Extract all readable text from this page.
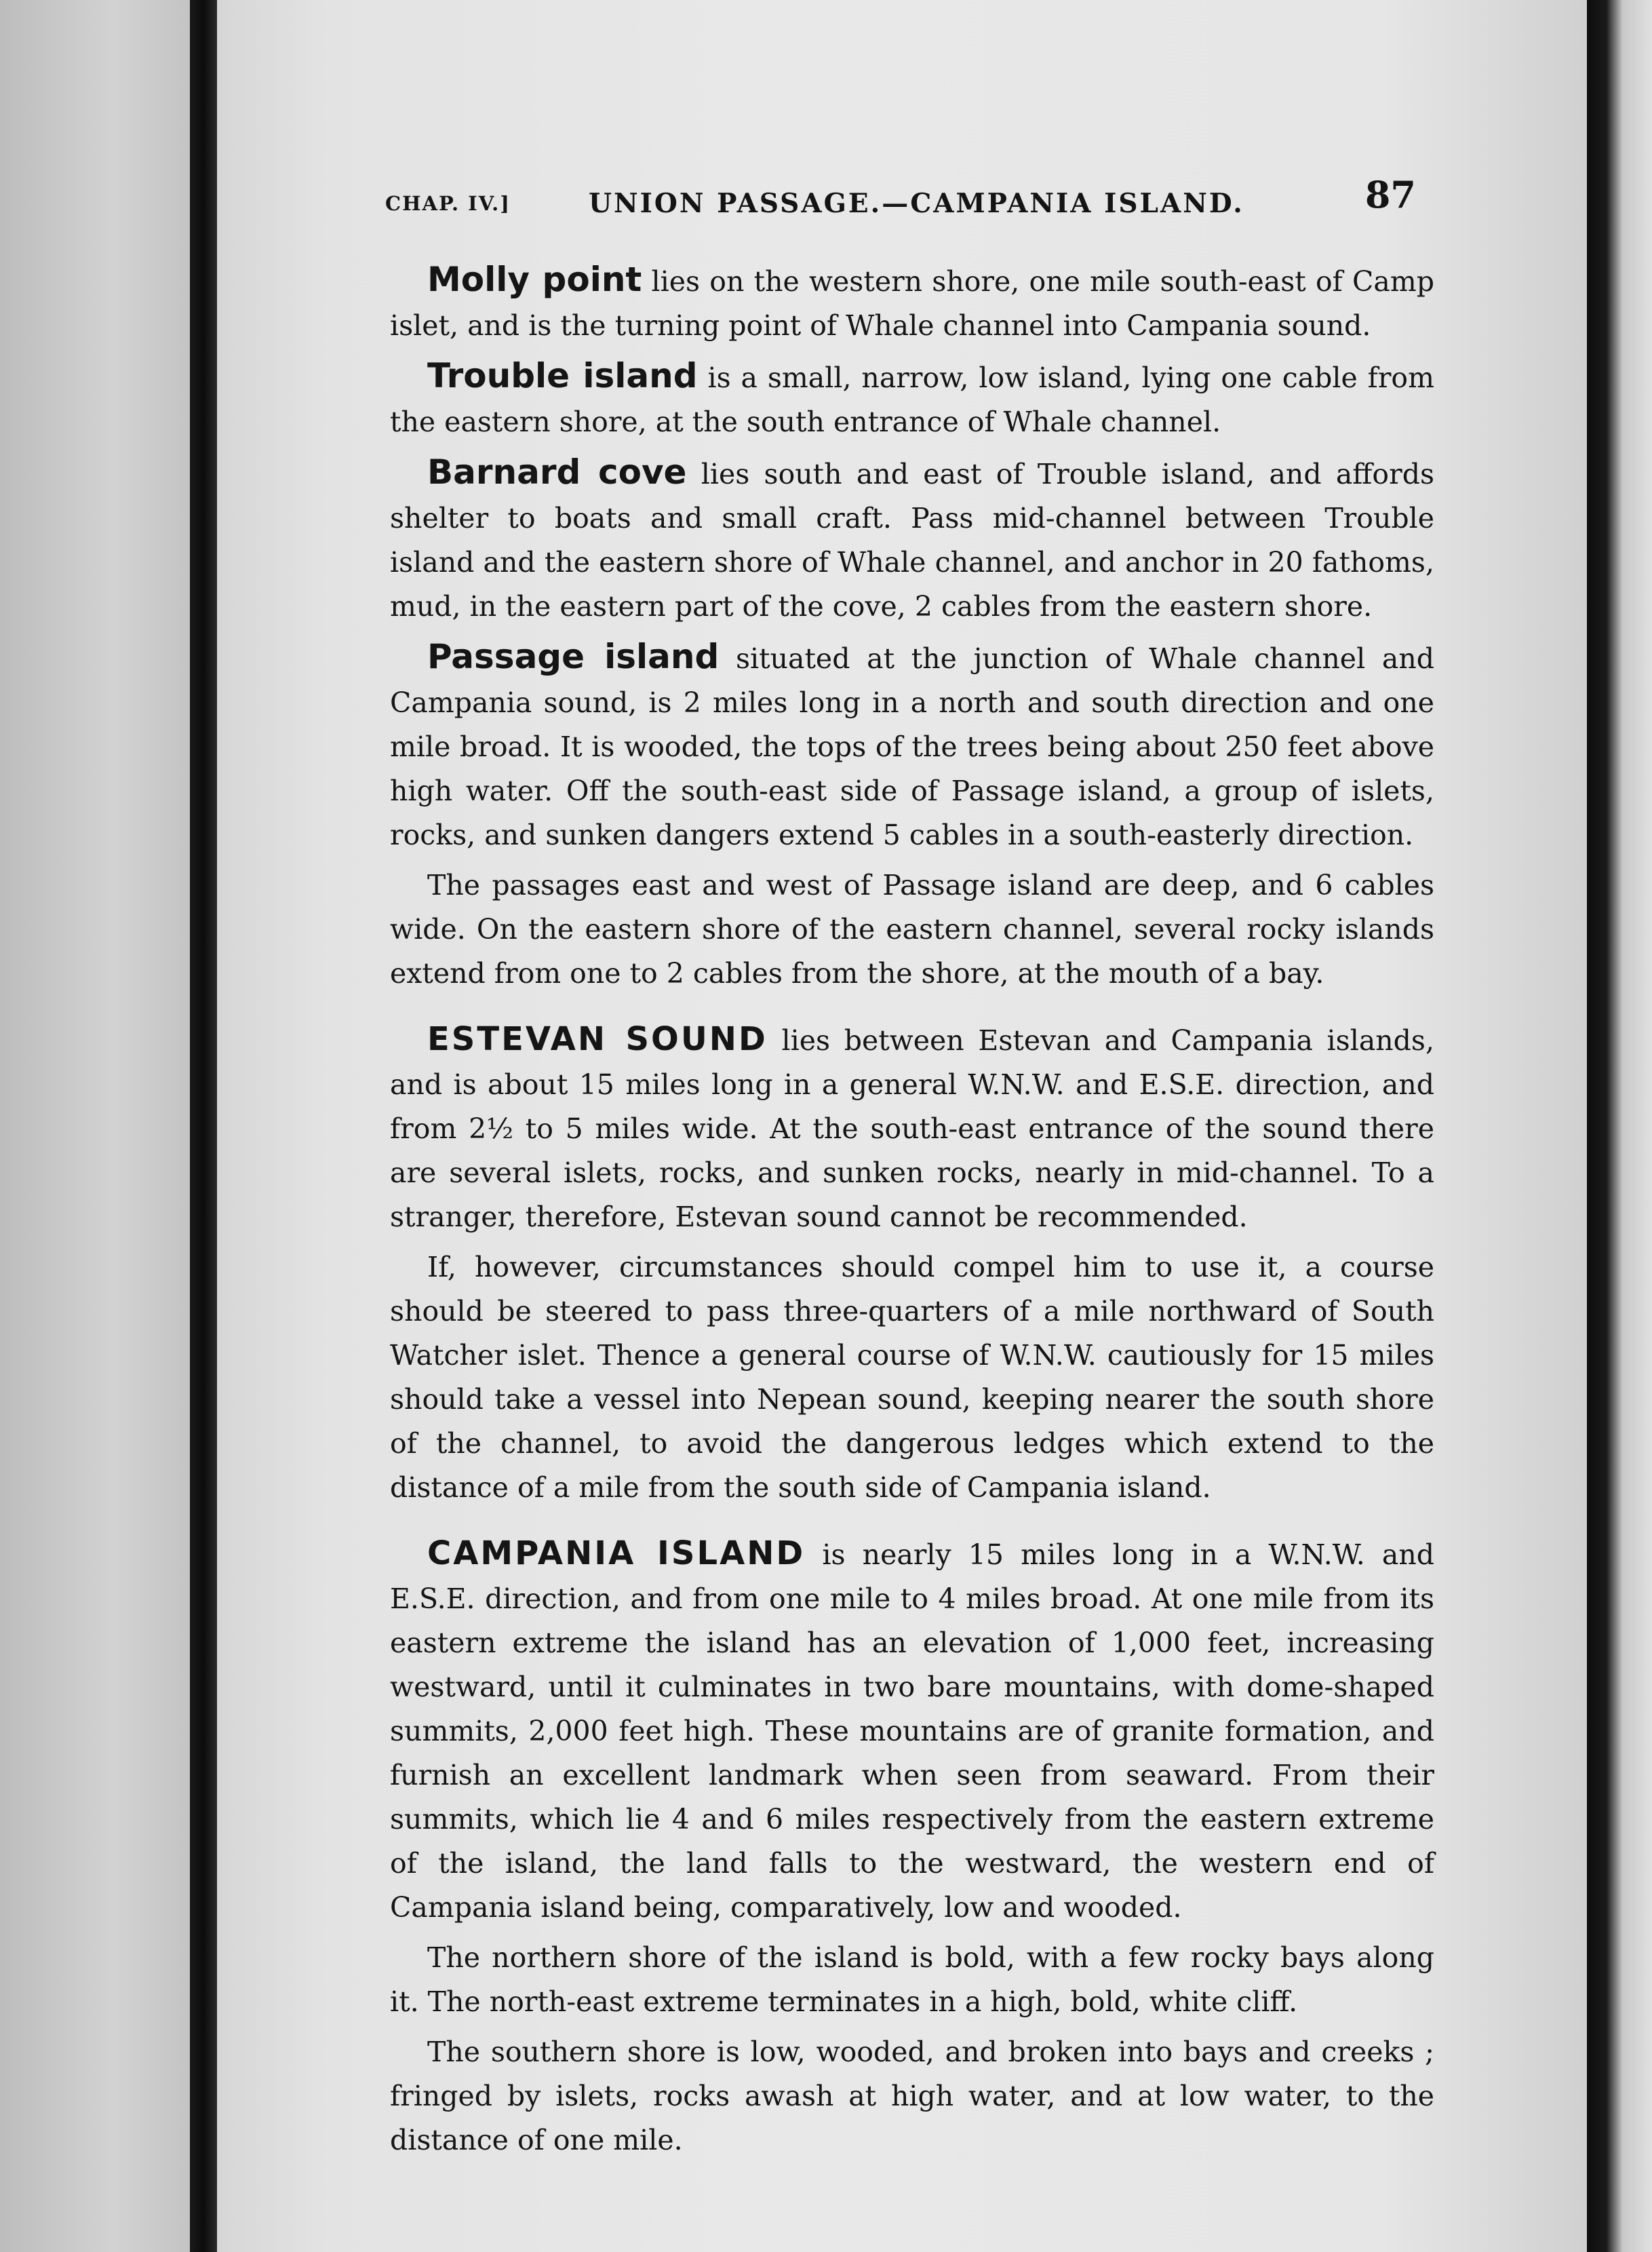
CHAP. IV.]	UNION PASSAGE.—CAMPANIA ISLAND.	87

Molly point lies on the western shore, one mile south-east of Camp islet, and is the turning point of Whale channel into Campania sound.

Trouble island is a small, narrow, low island, lying one cable from the eastern shore, at the south entrance of Whale channel.

Barnard cove lies south and east of Trouble island, and affords shelter to boats and small craft. Pass mid-channel between Trouble island and the eastern shore of Whale channel, and anchor in 20 fathoms, mud, in the eastern part of the cove, 2 cables from the eastern shore.

Passage island situated at the junction of Whale channel and Campania sound, is 2 miles long in a north and south direction and one mile broad. It is wooded, the tops of the trees being about 250 feet above high water. Off the south-east side of Passage island, a group of islets, rocks, and sunken dangers extend 5 cables in a south-easterly direction.

The passages east and west of Passage island are deep, and 6 cables wide. On the eastern shore of the eastern channel, several rocky islands extend from one to 2 cables from the shore, at the mouth of a bay.

ESTEVAN SOUND lies between Estevan and Campania islands, and is about 15 miles long in a general W.N.W. and E.S.E. direction, and from 2½ to 5 miles wide. At the south-east entrance of the sound there are several islets, rocks, and sunken rocks, nearly in mid-channel. To a stranger, therefore, Estevan sound cannot be recommended.

If, however, circumstances should compel him to use it, a course should be steered to pass three-quarters of a mile northward of South Watcher islet. Thence a general course of W.N.W. cautiously for 15 miles should take a vessel into Nepean sound, keeping nearer the south shore of the channel, to avoid the dangerous ledges which extend to the distance of a mile from the south side of Campania island.

CAMPANIA ISLAND is nearly 15 miles long in a W.N.W. and E.S.E. direction, and from one mile to 4 miles broad. At one mile from its eastern extreme the island has an elevation of 1,000 feet, increasing westward, until it culminates in two bare mountains, with dome-shaped summits, 2,000 feet high. These mountains are of granite formation, and furnish an excellent landmark when seen from seaward. From their summits, which lie 4 and 6 miles respectively from the eastern extreme of the island, the land falls to the westward, the western end of Campania island being, comparatively, low and wooded.

The northern shore of the island is bold, with a few rocky bays along it. The north-east extreme terminates in a high, bold, white cliff.

The southern shore is low, wooded, and broken into bays and creeks ; fringed by islets, rocks awash at high water, and at low water, to the distance of one mile.
